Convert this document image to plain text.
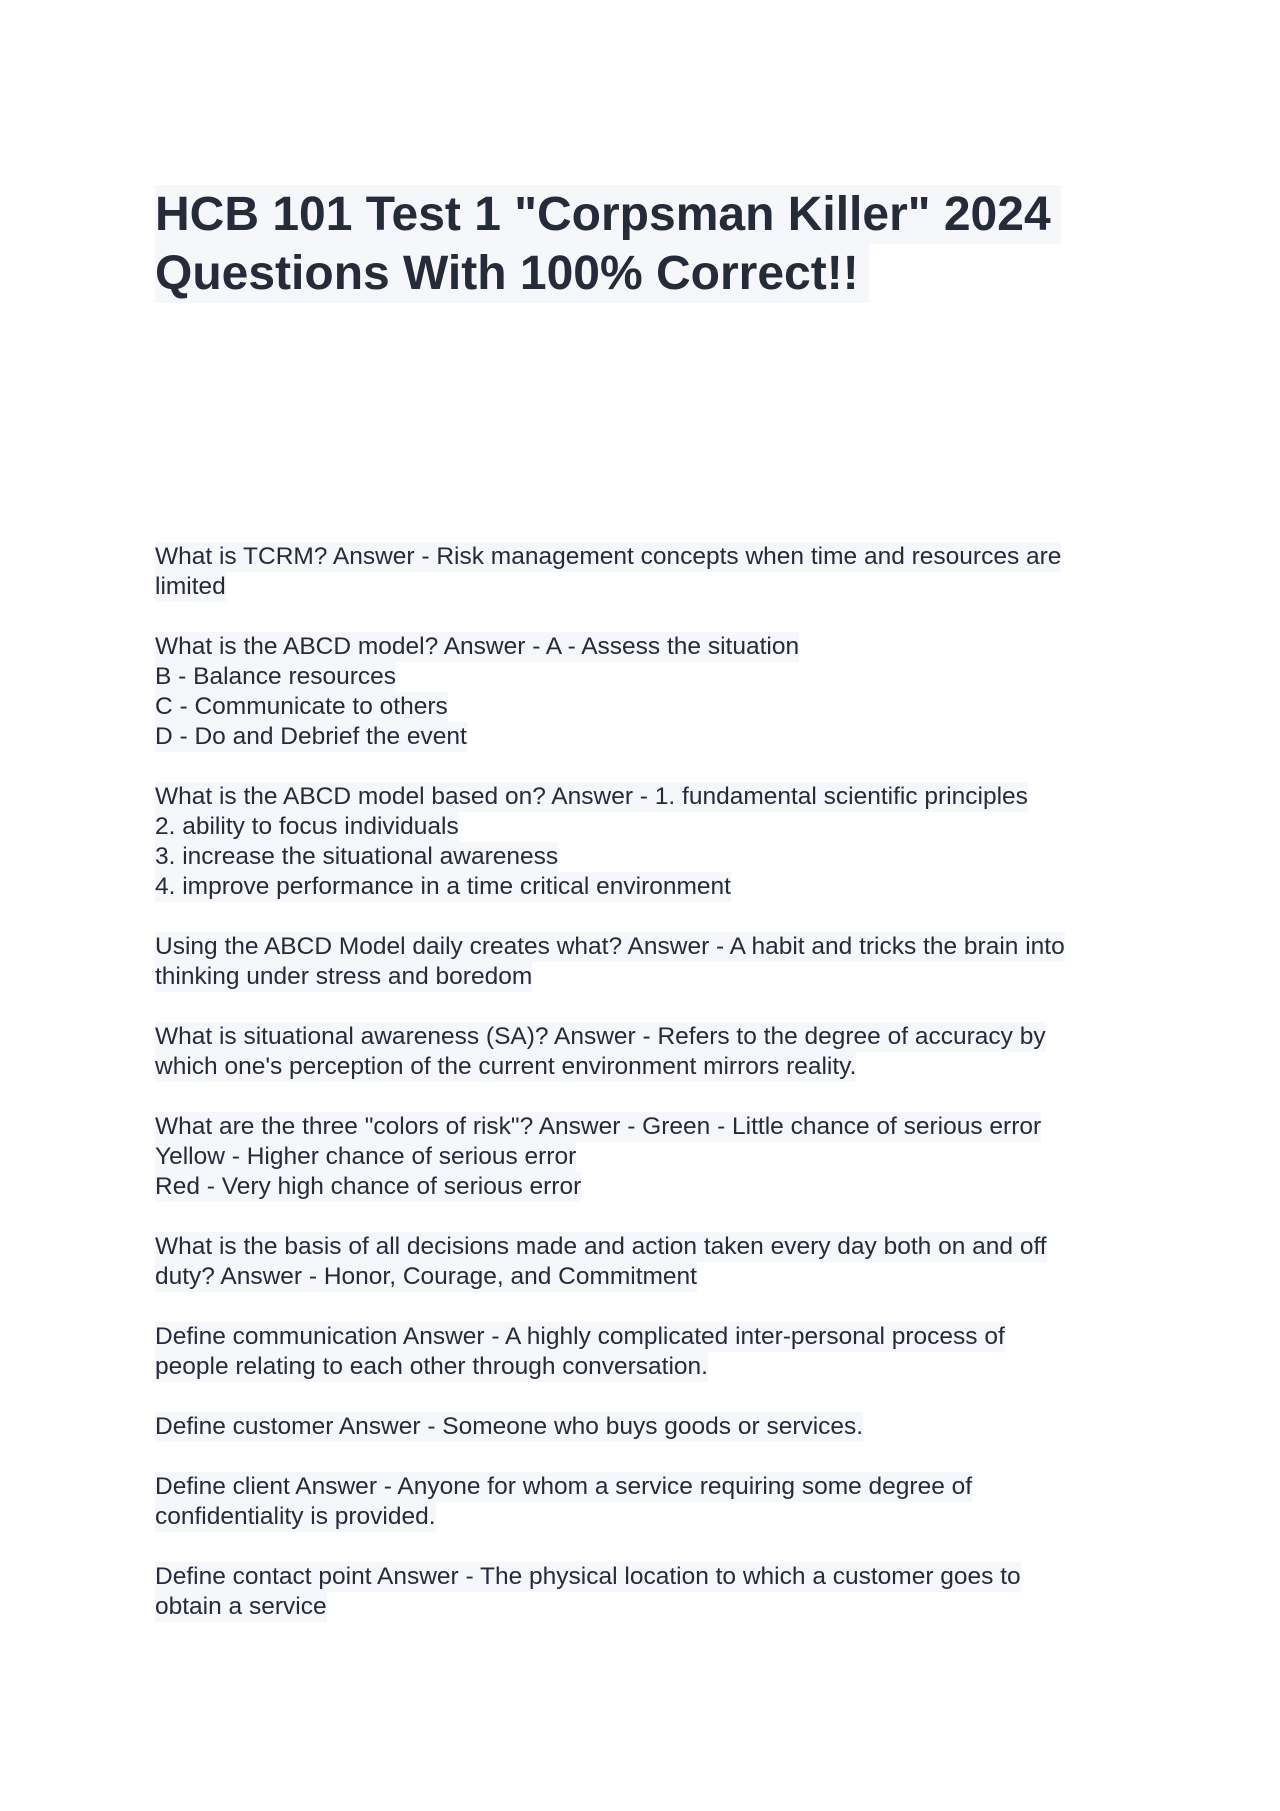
HCB 101 Test 1 "Corpsman Killer" 2024
Questions With 100% Correct!!
What is TCRM? Answer - Risk management concepts when time and resources are
limited
What is the ABCD model? Answer - A - Assess the situation
B - Balance resources
C - Communicate to others
D - Do and Debrief the event
What is the ABCD model based on? Answer - 1. fundamental scientific principles
2. ability to focus individuals
3. increase the situational awareness
4. improve performance in a time critical environment
Using the ABCD Model daily creates what? Answer - A habit and tricks the brain into
thinking under stress and boredom
What is situational awareness (SA)? Answer - Refers to the degree of accuracy by
which one's perception of the current environment mirrors reality.
What are the three "colors of risk"? Answer - Green - Little chance of serious error
Yellow - Higher chance of serious error
Red - Very high chance of serious error
What is the basis of all decisions made and action taken every day both on and off
duty? Answer - Honor, Courage, and Commitment
Define communication Answer - A highly complicated inter-personal process of
people relating to each other through conversation.
Define customer Answer - Someone who buys goods or services.
Define client Answer - Anyone for whom a service requiring some degree of
confidentiality is provided.
Define contact point Answer - The physical location to which a customer goes to
obtain a service
